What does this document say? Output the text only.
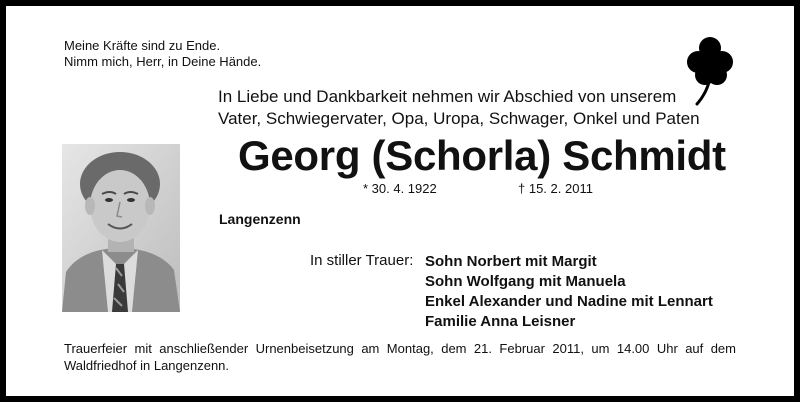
Meine Kräfte sind zu Ende.
Nimm mich, Herr, in Deine Hände.
In Liebe und Dankbarkeit nehmen wir Abschied von unserem
Vater, Schwiegervater, Opa, Uropa, Schwager, Onkel und Paten
Georg (Schorla) Schmidt
* 30. 4. 1922	† 15. 2. 2011
Langenzenn
In stiller Trauer: Sohn Norbert mit Margit
Sohn Wolfgang mit Manuela
Enkel Alexander und Nadine mit Lennart
Familie Anna Leisner
Trauerfeier mit anschließender Urnenbeisetzung am Montag, dem 21. Februar 2011, um 14.00 Uhr auf dem Waldfriedhof in Langenzenn.
